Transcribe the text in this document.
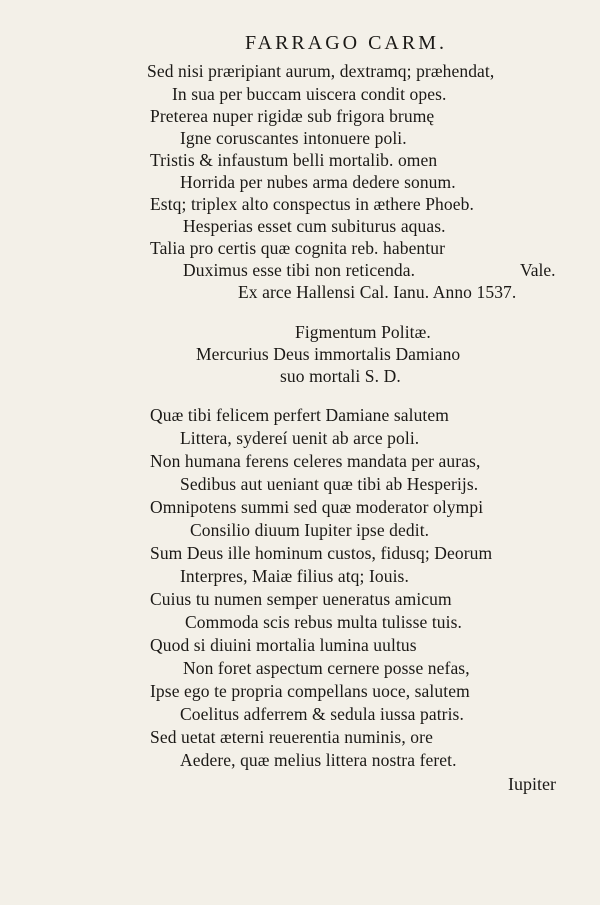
FARRAGO CARM.
Sed nisi præripiant aurum, dextramq; præhendat,
In sua per buccam uiscera condit opes.
Preterea nuper rigidæ sub frigora brumę
Igne coruscantes intonuere poli.
Tristis & infaustum belli mortalib. omen
Horrida per nubes arma dedere sonum.
Estq; triplex alto conspectus in æthere Phoeb.
Hesperias esset cum subiturus aquas.
Talia pro certis quæ cognita reb. habentur
Duximus esse tibi non reticenda.	Vale.
Ex arce Hallensi Cal. Ianu. Anno 1537.
Figmentum Politæ.
Mercurius Deus immortalis Damiano
suo mortali S. D.
Quæ tibi felicem perfert Damiane salutem
Littera, sydereí uenit ab arce poli.
Non humana ferens celeres mandata per auras,
Sedibus aut ueniant quæ tibi ab Hesperijs.
Omnipotens summi sed quæ moderator olympi
Consilio diuum Iupiter ipse dedit.
Sum Deus ille hominum custos, fidusq; Deorum
Interpres, Maiæ filius atq; Iouis.
Cuius tu numen semper ueneratus amicum
Commoda scis rebus multa tulisse tuis.
Quod si diuini mortalia lumina uultus
Non foret aspectum cernere posse nefas,
Ipse ego te propria compellans uoce, salutem
Coelitus adferrem & sedula iussa patris.
Sed uetat æterni reuerentia numinis, ore
Aedere, quæ melius littera nostra feret.
Iupiter
